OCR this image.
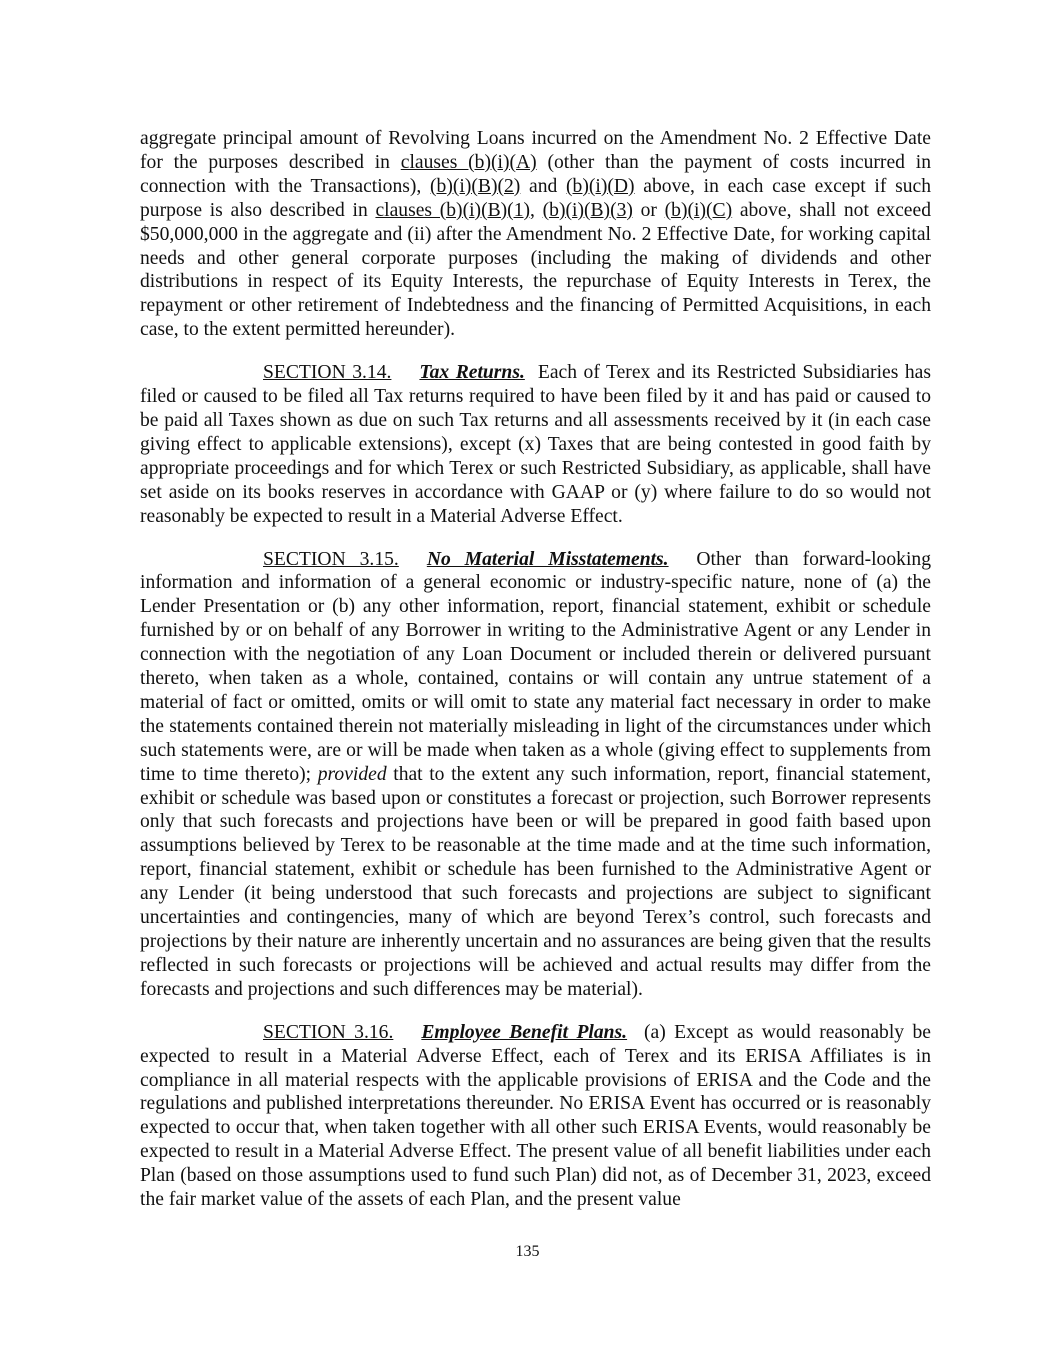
aggregate principal amount of Revolving Loans incurred on the Amendment No. 2 Effective Date for the purposes described in clauses (b)(i)(A) (other than the payment of costs incurred in connection with the Transactions), (b)(i)(B)(2) and (b)(i)(D) above, in each case except if such purpose is also described in clauses (b)(i)(B)(1), (b)(i)(B)(3) or (b)(i)(C) above, shall not exceed $50,000,000 in the aggregate and (ii) after the Amendment No. 2 Effective Date, for working capital needs and other general corporate purposes (including the making of dividends and other distributions in respect of its Equity Interests, the repurchase of Equity Interests in Terex, the repayment or other retirement of Indebtedness and the financing of Permitted Acquisitions, in each case, to the extent permitted hereunder).

SECTION 3.14. Tax Returns. Each of Terex and its Restricted Subsidiaries has filed or caused to be filed all Tax returns required to have been filed by it and has paid or caused to be paid all Taxes shown as due on such Tax returns and all assessments received by it (in each case giving effect to applicable extensions), except (x) Taxes that are being contested in good faith by appropriate proceedings and for which Terex or such Restricted Subsidiary, as applicable, shall have set aside on its books reserves in accordance with GAAP or (y) where failure to do so would not reasonably be expected to result in a Material Adverse Effect.

SECTION 3.15. No Material Misstatements. Other than forward-looking information and information of a general economic or industry-specific nature, none of (a) the Lender Presentation or (b) any other information, report, financial statement, exhibit or schedule furnished by or on behalf of any Borrower in writing to the Administrative Agent or any Lender in connection with the negotiation of any Loan Document or included therein or delivered pursuant thereto, when taken as a whole, contained, contains or will contain any untrue statement of a material of fact or omitted, omits or will omit to state any material fact necessary in order to make the statements contained therein not materially misleading in light of the circumstances under which such statements were, are or will be made when taken as a whole (giving effect to supplements from time to time thereto); provided that to the extent any such information, report, financial statement, exhibit or schedule was based upon or constitutes a forecast or projection, such Borrower represents only that such forecasts and projections have been or will be prepared in good faith based upon assumptions believed by Terex to be reasonable at the time made and at the time such information, report, financial statement, exhibit or schedule has been furnished to the Administrative Agent or any Lender (it being understood that such forecasts and projections are subject to significant uncertainties and contingencies, many of which are beyond Terex’s control, such forecasts and projections by their nature are inherently uncertain and no assurances are being given that the results reflected in such forecasts or projections will be achieved and actual results may differ from the forecasts and projections and such differences may be material).

SECTION 3.16. Employee Benefit Plans. (a) Except as would reasonably be expected to result in a Material Adverse Effect, each of Terex and its ERISA Affiliates is in compliance in all material respects with the applicable provisions of ERISA and the Code and the regulations and published interpretations thereunder. No ERISA Event has occurred or is reasonably expected to occur that, when taken together with all other such ERISA Events, would reasonably be expected to result in a Material Adverse Effect. The present value of all benefit liabilities under each Plan (based on those assumptions used to fund such Plan) did not, as of December 31, 2023, exceed the fair market value of the assets of each Plan, and the present value

135
